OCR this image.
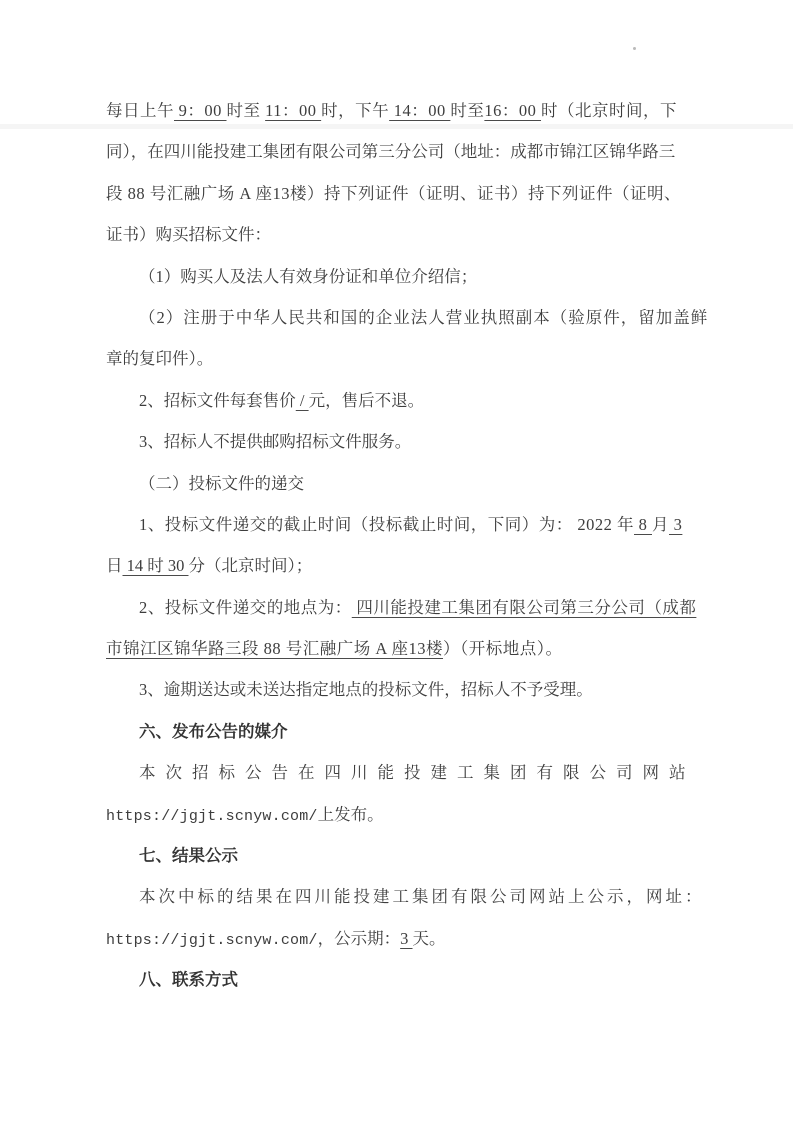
每日上午 9：00 时至 11：00 时，下午 14：00 时至16：00 时（北京时间，下
同），在四川能投建工集团有限公司第三分公司（地址：成都市锦江区锦华路三
段 88 号汇融广场 A 座13楼）持下列证件（证明、证书）持下列证件（证明、
证书）购买招标文件：
（1）购买人及法人有效身份证和单位介绍信；
（2）注册于中华人民共和国的企业法人营业执照副本（验原件，留加盖鲜
章的复印件）。
2、招标文件每套售价 / 元，售后不退。
3、招标人不提供邮购招标文件服务。
（二）投标文件的递交
1、投标文件递交的截止时间（投标截止时间，下同）为： 2022 年 8 月 3
日 14 时 30 分（北京时间）；
2、投标文件递交的地点为： 四川能投建工集团有限公司第三分公司（成都
市锦江区锦华路三段 88 号汇融广场 A 座13楼）（开标地点）。
3、逾期送达或未送达指定地点的投标文件，招标人不予受理。
六、发布公告的媒介
本次招标公告在四川能投建工集团有限公司网站
https://jgjt.scnyw.com/上发布。
七、结果公示
本次中标的结果在四川能投建工集团有限公司网站上公示，网址：
https://jgjt.scnyw.com/，公示期：3 天。
八、联系方式
